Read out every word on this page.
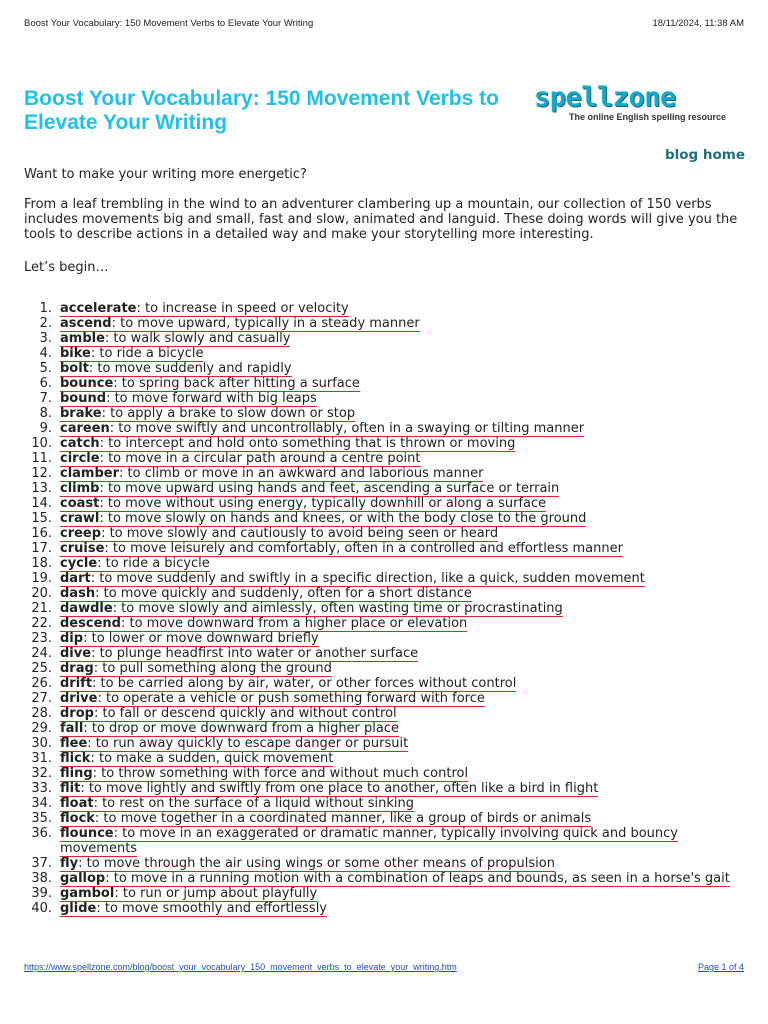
Boost Your Vocabulary: 150 Movement Verbs to Elevate Your Writing	18/11/2024, 11:38 AM
Boost Your Vocabulary: 150 Movement Verbs to Elevate Your Writing
spellzone
The online English spelling resource
blog home
Want to make your writing more energetic?
From a leaf trembling in the wind to an adventurer clambering up a mountain, our collection of 150 verbs includes movements big and small, fast and slow, animated and languid. These doing words will give you the tools to describe actions in a detailed way and make your storytelling more interesting.
Let’s begin…
1. accelerate: to increase in speed or velocity
2. ascend: to move upward, typically in a steady manner
3. amble: to walk slowly and casually
4. bike: to ride a bicycle
5. bolt: to move suddenly and rapidly
6. bounce: to spring back after hitting a surface
7. bound: to move forward with big leaps
8. brake: to apply a brake to slow down or stop
9. careen: to move swiftly and uncontrollably, often in a swaying or tilting manner
10. catch: to intercept and hold onto something that is thrown or moving
11. circle: to move in a circular path around a centre point
12. clamber: to climb or move in an awkward and laborious manner
13. climb: to move upward using hands and feet, ascending a surface or terrain
14. coast: to move without using energy, typically downhill or along a surface
15. crawl: to move slowly on hands and knees, or with the body close to the ground
16. creep: to move slowly and cautiously to avoid being seen or heard
17. cruise: to move leisurely and comfortably, often in a controlled and effortless manner
18. cycle: to ride a bicycle
19. dart: to move suddenly and swiftly in a specific direction, like a quick, sudden movement
20. dash: to move quickly and suddenly, often for a short distance
21. dawdle: to move slowly and aimlessly, often wasting time or procrastinating
22. descend: to move downward from a higher place or elevation
23. dip: to lower or move downward briefly
24. dive: to plunge headfirst into water or another surface
25. drag: to pull something along the ground
26. drift: to be carried along by air, water, or other forces without control
27. drive: to operate a vehicle or push something forward with force
28. drop: to fall or descend quickly and without control
29. fall: to drop or move downward from a higher place
30. flee: to run away quickly to escape danger or pursuit
31. flick: to make a sudden, quick movement
32. fling: to throw something with force and without much control
33. flit: to move lightly and swiftly from one place to another, often like a bird in flight
34. float: to rest on the surface of a liquid without sinking
35. flock: to move together in a coordinated manner, like a group of birds or animals
36. flounce: to move in an exaggerated or dramatic manner, typically involving quick and bouncy movements
37. fly: to move through the air using wings or some other means of propulsion
38. gallop: to move in a running motion with a combination of leaps and bounds, as seen in a horse's gait
39. gambol: to run or jump about playfully
40. glide: to move smoothly and effortlessly
https://www.spellzone.com/blog/boost_your_vocabulary_150_movement_verbs_to_elevate_your_writing.htm	Page 1 of 4
